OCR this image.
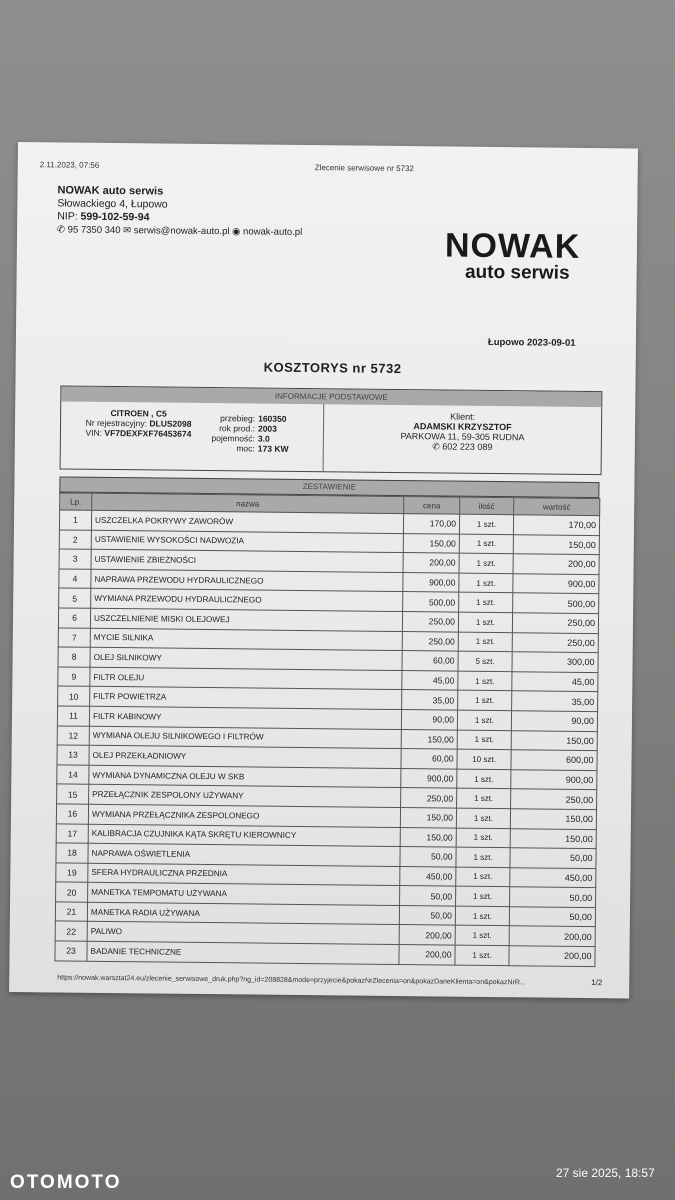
2.11.2023, 07:56	Zlecenie serwisowe nr 5732
NOWAK auto serwis
Słowackiego 4, Łupowo
NIP: 599-102-59-94
✆ 95 7350 340 ✉ serwis@nowak-auto.pl ◉ nowak-auto.pl	NOWAK
auto serwis
Łupowo 2023-09-01
KOSZTORYS nr 5732
INFORMACJE PODSTAWOWE
CITROEN , C5
Nr rejestracyjny: DLUS2098
VIN: VF7DEXFXF76453674
przebieg: 160350
rok prod.: 2003
pojemność: 3.0
moc: 173 KW
Klient:
ADAMSKI KRZYSZTOF
PARKOWA 11, 59-305 RUDNA
✆ 602 223 089
ZESTAWIENIE
Lp.	nazwa	cena	ilość	wartość
1	USZCZELKA POKRYWY ZAWORÓW	170,00	1 szt.	170,00
2	USTAWIENIE WYSOKOŚCI NADWOZIA	150,00	1 szt.	150,00
3	USTAWIENIE ZBIEŻNOŚCI	200,00	1 szt.	200,00
4	NAPRAWA PRZEWODU HYDRAULICZNEGO	900,00	1 szt.	900,00
5	WYMIANA PRZEWODU HYDRAULICZNEGO	500,00	1 szt.	500,00
6	USZCZELNIENIE MISKI OLEJOWEJ	250,00	1 szt.	250,00
7	MYCIE SILNIKA	250,00	1 szt.	250,00
8	OLEJ SILNIKOWY	60,00	5 szt.	300,00
9	FILTR OLEJU	45,00	1 szt.	45,00
10	FILTR POWIETRZA	35,00	1 szt.	35,00
11	FILTR KABINOWY	90,00	1 szt.	90,00
12	WYMIANA OLEJU SILNIKOWEGO I FILTRÓW	150,00	1 szt.	150,00
13	OLEJ PRZEKŁADNIOWY	60,00	10 szt.	600,00
14	WYMIANA DYNAMICZNA OLEJU W SKB	900,00	1 szt.	900,00
15	PRZEŁĄCZNIK ZESPOLONY UŻYWANY	250,00	1 szt.	250,00
16	WYMIANA PRZEŁĄCZNIKA ZESPOLONEGO	150,00	1 szt.	150,00
17	KALIBRACJA CZUJNIKA KĄTA SKRĘTU KIEROWNICY	150,00	1 szt.	150,00
18	NAPRAWA OŚWIETLENIA	50,00	1 szt.	50,00
19	SFERA HYDRAULICZNA PRZEDNIA	450,00	1 szt.	450,00
20	MANETKA TEMPOMATU UŻYWANA	50,00	1 szt.	50,00
21	MANETKA RADIA UŻYWANA	50,00	1 szt.	50,00
22	PALIWO	200,00	1 szt.	200,00
23	BADANIE TECHNICZNE	200,00	1 szt.	200,00
https://nowak.warsztat24.eu/zlecenie_serwisowe_druk.php?ng_id=208828&mode=przyjecie&pokazNrZlecenia=on&pokazDaneKlienta=on&pokazNrR...	1/2
OTOMOTO	27 sie 2025, 18:57
